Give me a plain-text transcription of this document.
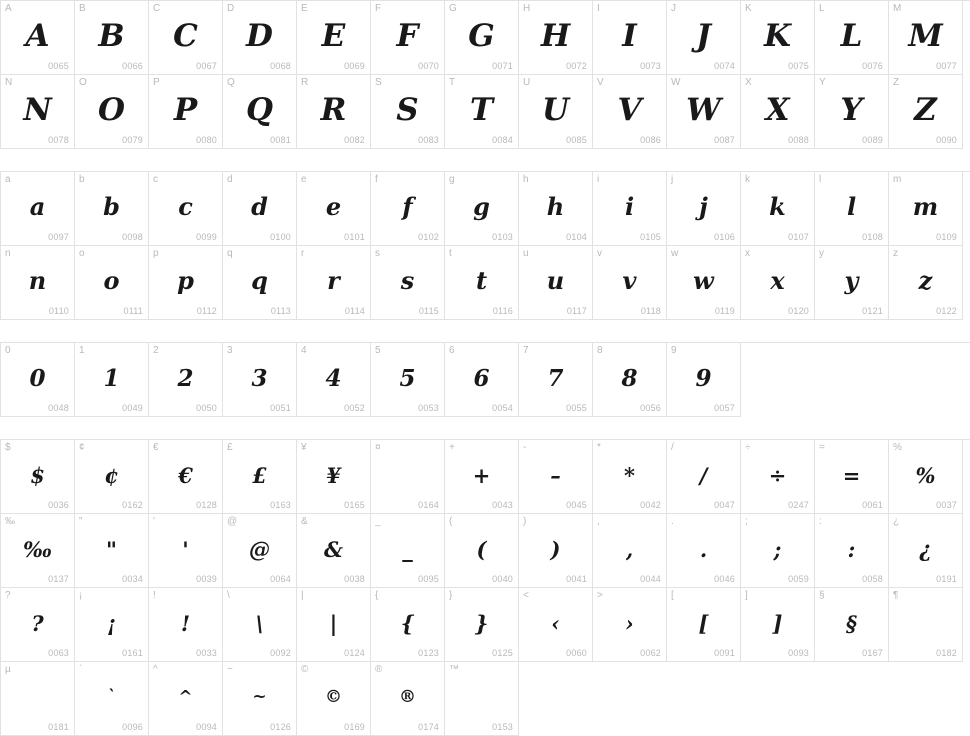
A
A
0065
B
B
0066
C
C
0067
D
D
0068
E
E
0069
F
F
0070
G
G
0071
H
H
0072
I
I
0073
J
J
0074
K
K
0075
L
L
0076
M
M
0077
N
N
0078
O
O
0079
P
P
0080
Q
Q
0081
R
R
0082
S
S
0083
T
T
0084
U
U
0085
V
V
0086
W
W
0087
X
X
0088
Y
Y
0089
Z
Z
0090
a
a
0097
b
b
0098
c
c
0099
d
d
0100
e
e
0101
f
f
0102
g
g
0103
h
h
0104
i
i
0105
j
j
0106
k
k
0107
l
l
0108
m
m
0109
n
n
0110
o
o
0111
p
p
0112
q
q
0113
r
r
0114
s
s
0115
t
t
0116
u
u
0117
v
v
0118
w
w
0119
x
x
0120
y
y
0121
z
z
0122
0
0
0048
1
1
0049
2
2
0050
3
3
0051
4
4
0052
5
5
0053
6
6
0054
7
7
0055
8
8
0056
9
9
0057
$
$
0036
¢
¢
0162
€
€
0128
£
£
0163
¥
¥
0165
¤
0164
+
+
0043
-
–
0045
*
*
0042
/
/
0047
÷
÷
0247
=
=
0061
%
%
0037
‰
‰
0137
"
"
0034
'
'
0039
@
@
0064
&
&
0038
_
_
0095
(
(
0040
)
)
0041
,
,
0044
.
.
0046
;
;
0059
:
:
0058
¿
¿
0191
?
?
0063
¡
¡
0161
!
!
0033
\
\
0092
|
|
0124
{
{
0123
}
}
0125
<
‹
0060
>
›
0062
[
[
0091
]
]
0093
§
§
0167
¶
0182
µ
0181
`
`
0096
^
^
0094
~
~
0126
©
©
0169
®
®
0174
™
0153
